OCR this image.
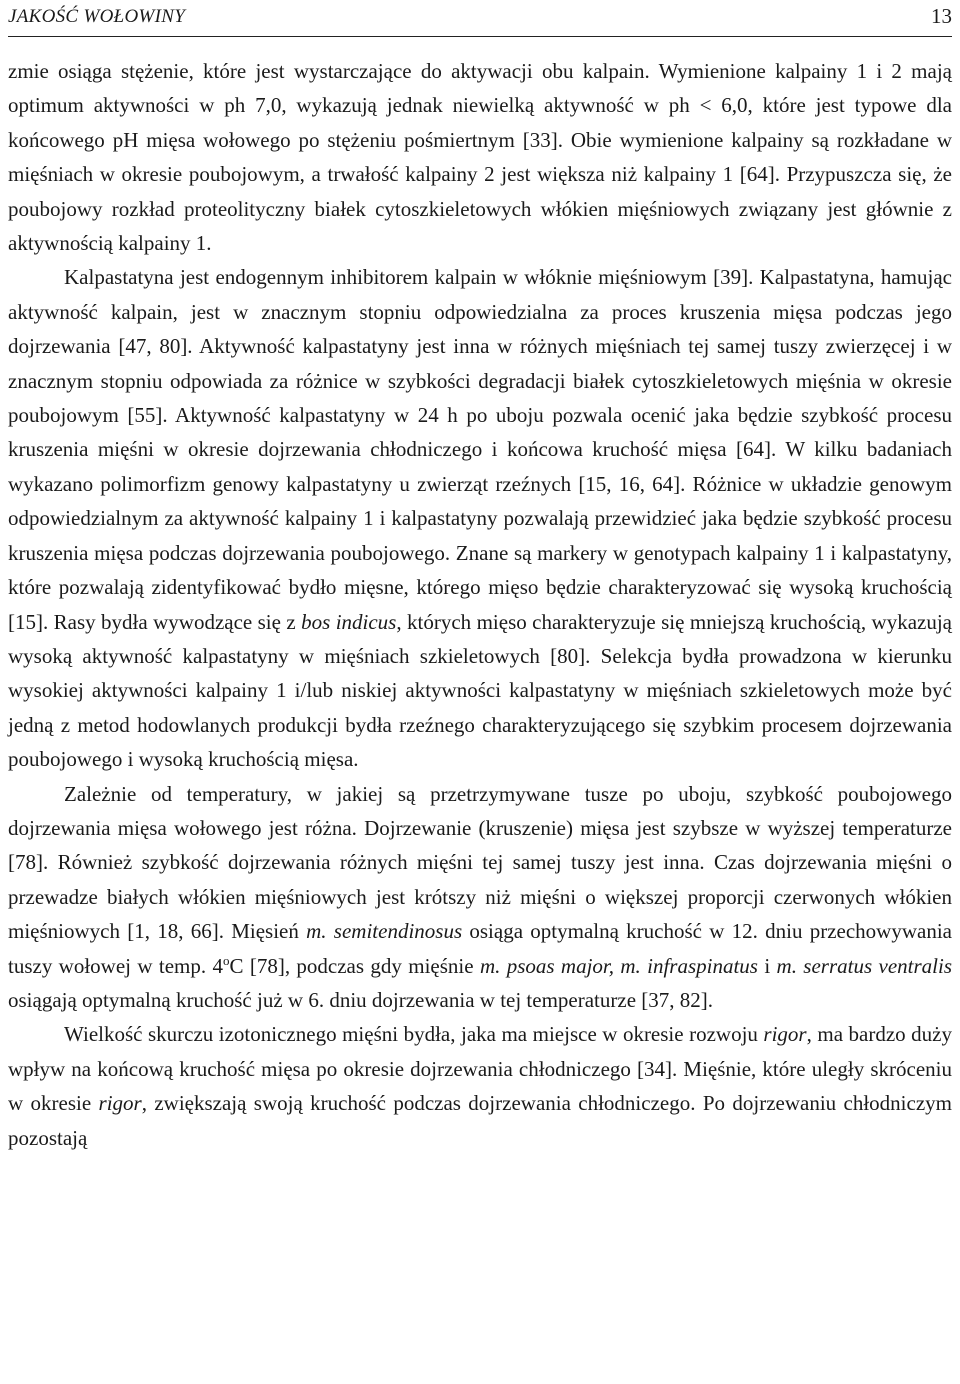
JAKOŚĆ WOŁOWINY	13

zmie osiąga stężenie, które jest wystarczające do aktywacji obu kalpain. Wymienione kalpainy 1 i 2 mają optimum aktywności w ph 7,0, wykazują jednak niewielką aktywność w ph < 6,0, które jest typowe dla końcowego pH mięsa wołowego po stężeniu pośmiertnym [33]. Obie wymienione kalpainy są rozkładane w mięśniach w okresie poubojowym, a trwałość kalpainy 2 jest większa niż kalpainy 1 [64]. Przypuszcza się, że poubojowy rozkład proteolityczny białek cytoszkieletowych włókien mięśniowych związany jest głównie z aktywnością kalpainy 1.

Kalpastatyna jest endogennym inhibitorem kalpain w włóknie mięśniowym [39]. Kalpastatyna, hamując aktywność kalpain, jest w znacznym stopniu odpowiedzialna za proces kruszenia mięsa podczas jego dojrzewania [47, 80]. Aktywność kalpastatyny jest inna w różnych mięśniach tej samej tuszy zwierzęcej i w znacznym stopniu odpowiada za różnice w szybkości degradacji białek cytoszkieletowych mięśnia w okresie poubojowym [55]. Aktywność kalpastatyny w 24 h po uboju pozwala ocenić jaka będzie szybkość procesu kruszenia mięśni w okresie dojrzewania chłodniczego i końcowa kruchość mięsa [64]. W kilku badaniach wykazano polimorfizm genowy kalpastatyny u zwierząt rzeźnych [15, 16, 64]. Różnice w układzie genowym odpowiedzialnym za aktywność kalpainy 1 i kalpastatyny pozwalają przewidzieć jaka będzie szybkość procesu kruszenia mięsa podczas dojrzewania poubojowego. Znane są markery w genotypach kalpainy 1 i kalpastatyny, które pozwalają zidentyfikować bydło mięsne, którego mięso będzie charakteryzować się wysoką kruchością [15]. Rasy bydła wywodzące się z bos indicus, których mięso charakteryzuje się mniejszą kruchością, wykazują wysoką aktywność kalpastatyny w mięśniach szkieletowych [80]. Selekcja bydła prowadzona w kierunku wysokiej aktywności kalpainy 1 i/lub niskiej aktywności kalpastatyny w mięśniach szkieletowych może być jedną z metod hodowlanych produkcji bydła rzeźnego charakteryzującego się szybkim procesem dojrzewania poubojowego i wysoką kruchością mięsa.

Zależnie od temperatury, w jakiej są przetrzymywane tusze po uboju, szybkość poubojowego dojrzewania mięsa wołowego jest różna. Dojrzewanie (kruszenie) mięsa jest szybsze w wyższej temperaturze [78]. Również szybkość dojrzewania różnych mięśni tej samej tuszy jest inna. Czas dojrzewania mięśni o przewadze białych włókien mięśniowych jest krótszy niż mięśni o większej proporcji czerwonych włókien mięśniowych [1, 18, 66]. Mięsień m. semitendinosus osiąga optymalną kruchość w 12. dniu przechowywania tuszy wołowej w temp. 4$^o$C [78], podczas gdy mięśnie m. psoas major, m. infraspinatus i m. serratus ventralis osiągają optymalną kruchość już w 6. dniu dojrzewania w tej temperaturze [37, 82].

Wielkość skurczu izotonicznego mięśni bydła, jaka ma miejsce w okresie rozwoju rigor, ma bardzo duży wpływ na końcową kruchość mięsa po okresie dojrzewania chłodniczego [34]. Mięśnie, które uległy skróceniu w okresie rigor, zwiększają swoją kruchość podczas dojrzewania chłodniczego. Po dojrzewaniu chłodniczym pozostają
